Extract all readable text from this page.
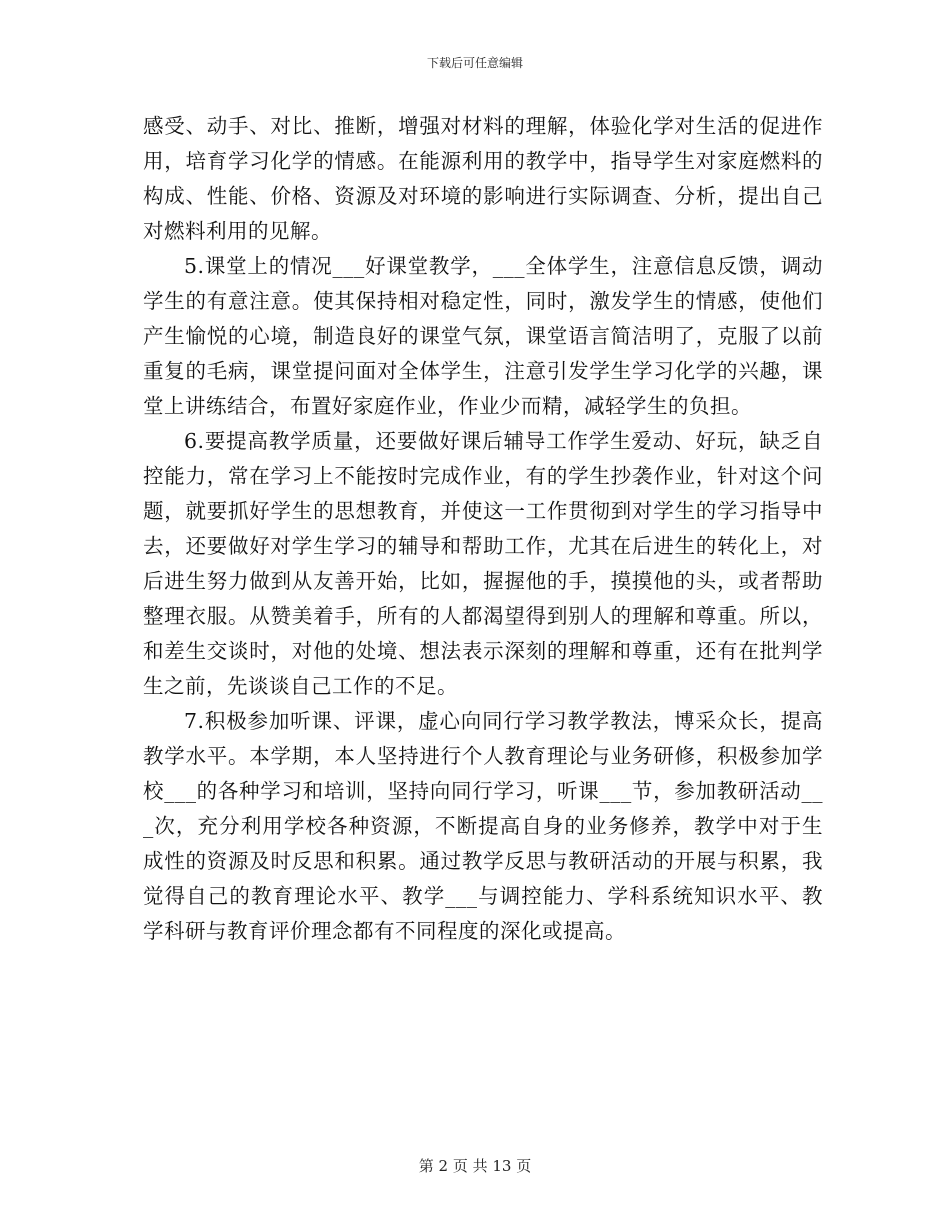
下载后可任意编辑

感受、动手、对比、推断，增强对材料的理解，体验化学对生活的促进作用，培育学习化学的情感。在能源利用的教学中，指导学生对家庭燃料的构成、性能、价格、资源及对环境的影响进行实际调查、分析，提出自己对燃料利用的见解。

5.课堂上的情况___好课堂教学，___全体学生，注意信息反馈，调动学生的有意注意。使其保持相对稳定性，同时，激发学生的情感，使他们产生愉悦的心境，制造良好的课堂气氛，课堂语言简洁明了，克服了以前重复的毛病，课堂提问面对全体学生，注意引发学生学习化学的兴趣，课堂上讲练结合，布置好家庭作业，作业少而精，减轻学生的负担。

6.要提高教学质量，还要做好课后辅导工作学生爱动、好玩，缺乏自控能力，常在学习上不能按时完成作业，有的学生抄袭作业，针对这个问题，就要抓好学生的思想教育，并使这一工作贯彻到对学生的学习指导中去，还要做好对学生学习的辅导和帮助工作，尤其在后进生的转化上，对后进生努力做到从友善开始，比如，握握他的手，摸摸他的头，或者帮助整理衣服。从赞美着手，所有的人都渴望得到别人的理解和尊重。所以，和差生交谈时，对他的处境、想法表示深刻的理解和尊重，还有在批判学生之前，先谈谈自己工作的不足。

7.积极参加听课、评课，虚心向同行学习教学教法，博采众长，提高教学水平。本学期，本人坚持进行个人教育理论与业务研修，积极参加学校___的各种学习和培训，坚持向同行学习，听课___节，参加教研活动___次，充分利用学校各种资源，不断提高自身的业务修养，教学中对于生成性的资源及时反思和积累。通过教学反思与教研活动的开展与积累，我觉得自己的教育理论水平、教学___与调控能力、学科系统知识水平、教学科研与教育评价理念都有不同程度的深化或提高。

第 2 页 共 13 页
